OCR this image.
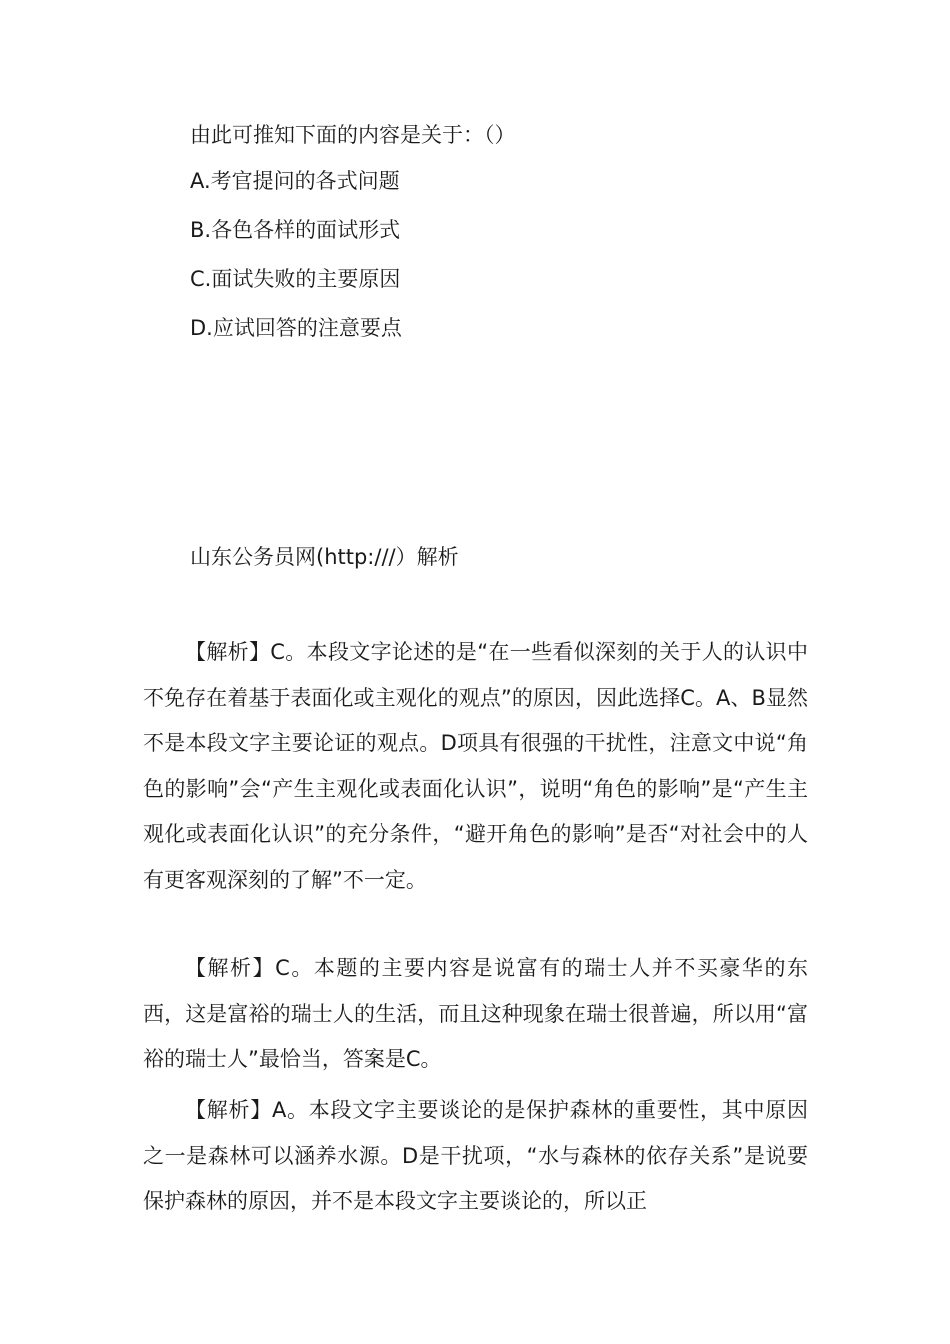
由此可推知下面的内容是关于：（）
A.考官提问的各式问题
B.各色各样的面试形式
C.面试失败的主要原因
D.应试回答的注意要点
山东公务员网(http:///）解析

【解析】C。本段文字论述的是“在一些看似深刻的关于人的认识中不免存在着基于表面化或主观化的观点”的原因，因此选择C。A、B显然不是本段文字主要论证的观点。D项具有很强的干扰性，注意文中说“角色的影响”会“产生主观化或表面化认识”，说明“角色的影响”是“产生主观化或表面化认识”的充分条件，“避开角色的影响”是否“对社会中的人有更客观深刻的了解”不一定。

【解析】C。本题的主要内容是说富有的瑞士人并不买豪华的东西，这是富裕的瑞士人的生活，而且这种现象在瑞士很普遍，所以用“富裕的瑞士人”最恰当，答案是C。

【解析】A。本段文字主要谈论的是保护森林的重要性，其中原因之一是森林可以涵养水源。D是干扰项，“水与森林的依存关系”是说要保护森林的原因，并不是本段文字主要谈论的，所以正
